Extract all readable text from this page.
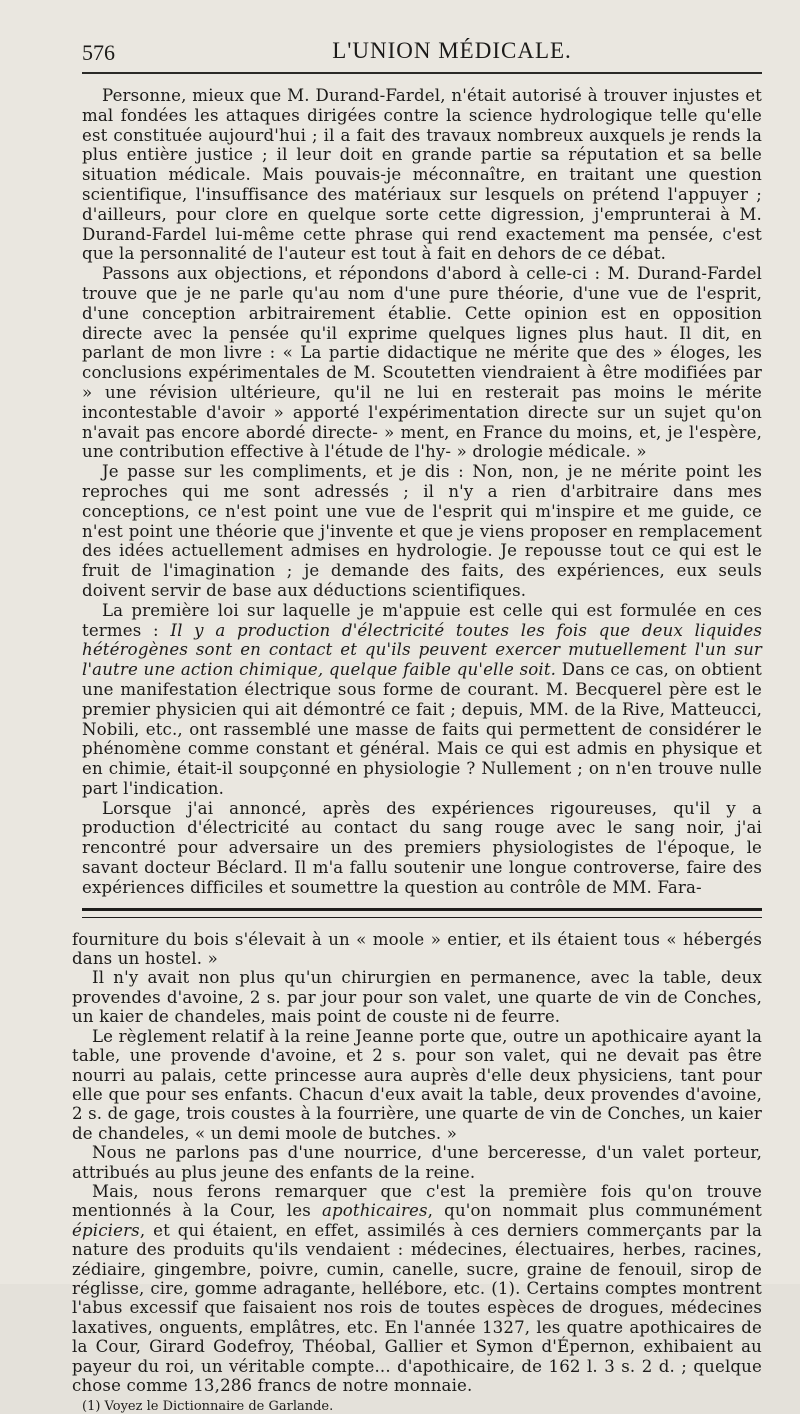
576	L'UNION MÉDICALE.

Personne, mieux que M. Durand-Fardel, n'était autorisé à trouver injustes et mal fondées les attaques dirigées contre la science hydrologique telle qu'elle est constituée aujourd'hui ; il a fait des travaux nombreux auxquels je rends la plus entière justice ; il leur doit en grande partie sa réputation et sa belle situation médicale. Mais pouvais-je méconnaître, en traitant une question scientifique, l'insuffisance des matériaux sur lesquels on prétend l'appuyer ; d'ailleurs, pour clore en quelque sorte cette digression, j'emprunterai à M. Durand-Fardel lui-même cette phrase qui rend exactement ma pensée, c'est que la personnalité de l'auteur est tout à fait en dehors de ce débat.

Passons aux objections, et répondons d'abord à celle-ci : M. Durand-Fardel trouve que je ne parle qu'au nom d'une pure théorie, d'une vue de l'esprit, d'une conception arbitrairement établie. Cette opinion est en opposition directe avec la pensée qu'il exprime quelques lignes plus haut. Il dit, en parlant de mon livre : « La partie didactique ne mérite que des » éloges, les conclusions expérimentales de M. Scoutetten viendraient à être modifiées par » une révision ultérieure, qu'il ne lui en resterait pas moins le mérite incontestable d'avoir » apporté l'expérimentation directe sur un sujet qu'on n'avait pas encore abordé directe- » ment, en France du moins, et, je l'espère, une contribution effective à l'étude de l'hy- » drologie médicale. »

Je passe sur les compliments, et je dis : Non, non, je ne mérite point les reproches qui me sont adressés ; il n'y a rien d'arbitraire dans mes conceptions, ce n'est point une vue de l'esprit qui m'inspire et me guide, ce n'est point une théorie que j'invente et que je viens proposer en remplacement des idées actuellement admises en hydrologie. Je repousse tout ce qui est le fruit de l'imagination ; je demande des faits, des expériences, eux seuls doivent servir de base aux déductions scientifiques.

La première loi sur laquelle je m'appuie est celle qui est formulée en ces termes : Il y a production d'électricité toutes les fois que deux liquides hétérogènes sont en contact et qu'ils peuvent exercer mutuellement l'un sur l'autre une action chimique, quelque faible qu'elle soit. Dans ce cas, on obtient une manifestation électrique sous forme de courant. M. Becquerel père est le premier physicien qui ait démontré ce fait ; depuis, MM. de la Rive, Matteucci, Nobili, etc., ont rassemblé une masse de faits qui permettent de considérer le phénomène comme constant et général. Mais ce qui est admis en physique et en chimie, était-il soupçonné en physiologie ? Nullement ; on n'en trouve nulle part l'indication.

Lorsque j'ai annoncé, après des expériences rigoureuses, qu'il y a production d'électricité au contact du sang rouge avec le sang noir, j'ai rencontré pour adversaire un des premiers physiologistes de l'époque, le savant docteur Béclard. Il m'a fallu soutenir une longue controverse, faire des expériences difficiles et soumettre la question au contrôle de MM. Fara-

fourniture du bois s'élevait à un « moole » entier, et ils étaient tous « hébergés dans un hostel. »

Il n'y avait non plus qu'un chirurgien en permanence, avec la table, deux provendes d'avoine, 2 s. par jour pour son valet, une quarte de vin de Conches, un kaier de chandeles, mais point de couste ni de feurre.

Le règlement relatif à la reine Jeanne porte que, outre un apothicaire ayant la table, une provende d'avoine, et 2 s. pour son valet, qui ne devait pas être nourri au palais, cette princesse aura auprès d'elle deux physiciens, tant pour elle que pour ses enfants. Chacun d'eux avait la table, deux provendes d'avoine, 2 s. de gage, trois coustes à la fourrière, une quarte de vin de Conches, un kaier de chandeles, « un demi moole de butches. »

Nous ne parlons pas d'une nourrice, d'une berceresse, d'un valet porteur, attribués au plus jeune des enfants de la reine.

Mais, nous ferons remarquer que c'est la première fois qu'on trouve mentionnés à la Cour, les apothicaires, qu'on nommait plus communément épiciers, et qui étaient, en effet, assimilés à ces derniers commerçants par la nature des produits qu'ils vendaient : médecines, électuaires, herbes, racines, zédiaire, gingembre, poivre, cumin, canelle, sucre, graine de fenouil, sirop de réglisse, cire, gomme adragante, hellébore, etc. (1). Certains comptes montrent l'abus excessif que faisaient nos rois de toutes espèces de drogues, médecines laxatives, onguents, emplâtres, etc. En l'année 1327, les quatre apothicaires de la Cour, Girard Godefroy, Théobal, Gallier et Symon d'Épernon, exhibaient au payeur du roi, un véritable compte... d'apothicaire, de 162 l. 3 s. 2 d. ; quelque chose comme 13,286 francs de notre monnaie.

(1) Voyez le Dictionnaire de Garlande.
